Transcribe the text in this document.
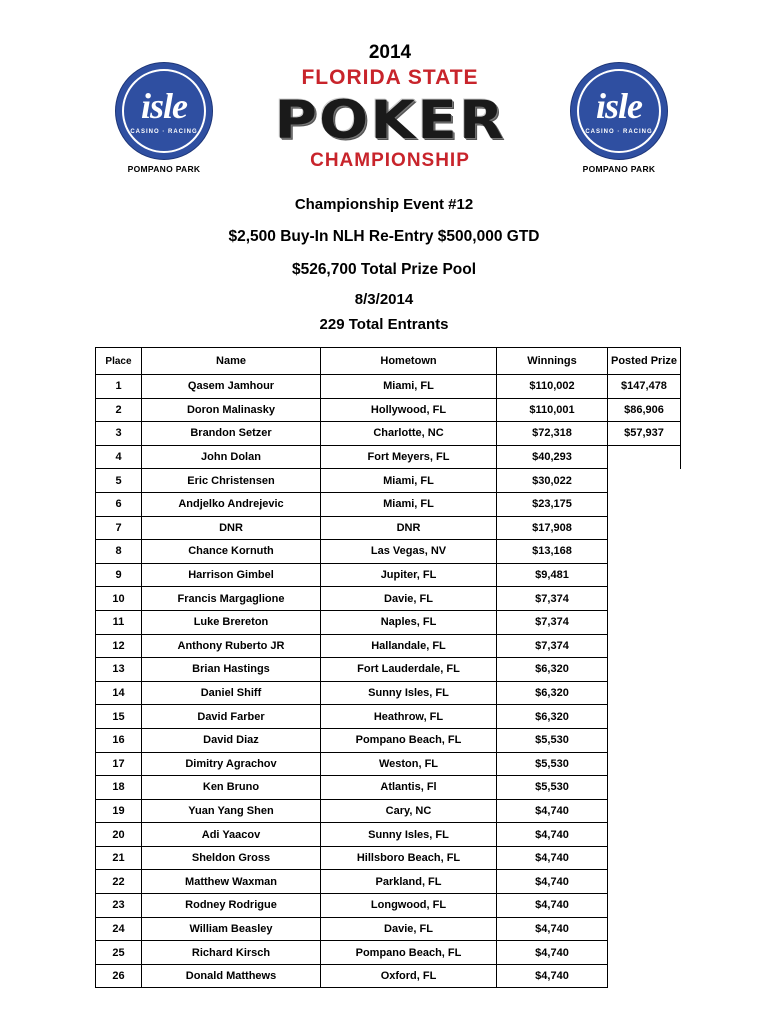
isle
CASINO · RACING
POMPANO PARK
2014
FLORIDA STATE
POKER
CHAMPIONSHIP
isle
CASINO · RACING
POMPANO PARK
Championship Event #12
$2,500 Buy-In NLH Re-Entry $500,000 GTD
$526,700 Total Prize Pool
8/3/2014
229 Total Entrants
Place	Name	Hometown	Winnings	Posted Prize
1	Qasem Jamhour	Miami, FL	$110,002	$147,478
2	Doron Malinasky	Hollywood, FL	$110,001	$86,906
3	Brandon Setzer	Charlotte, NC	$72,318	$57,937
4	John Dolan	Fort Meyers, FL	$40,293	
5	Eric Christensen	Miami, FL	$30,022	
6	Andjelko Andrejevic	Miami, FL	$23,175	
7	DNR	DNR	$17,908	
8	Chance Kornuth	Las Vegas, NV	$13,168	
9	Harrison Gimbel	Jupiter, FL	$9,481	
10	Francis Margaglione	Davie, FL	$7,374	
11	Luke Brereton	Naples, FL	$7,374	
12	Anthony Ruberto JR	Hallandale, FL	$7,374	
13	Brian Hastings	Fort Lauderdale, FL	$6,320	
14	Daniel Shiff	Sunny Isles, FL	$6,320	
15	David Farber	Heathrow, FL	$6,320	
16	David Diaz	Pompano Beach, FL	$5,530	
17	Dimitry Agrachov	Weston, FL	$5,530	
18	Ken Bruno	Atlantis, Fl	$5,530	
19	Yuan Yang Shen	Cary, NC	$4,740	
20	Adi Yaacov	Sunny Isles, FL	$4,740	
21	Sheldon Gross	Hillsboro Beach, FL	$4,740	
22	Matthew Waxman	Parkland, FL	$4,740	
23	Rodney Rodrigue	Longwood, FL	$4,740	
24	William Beasley	Davie, FL	$4,740	
25	Richard Kirsch	Pompano Beach, FL	$4,740	
26	Donald Matthews	Oxford, FL	$4,740	
